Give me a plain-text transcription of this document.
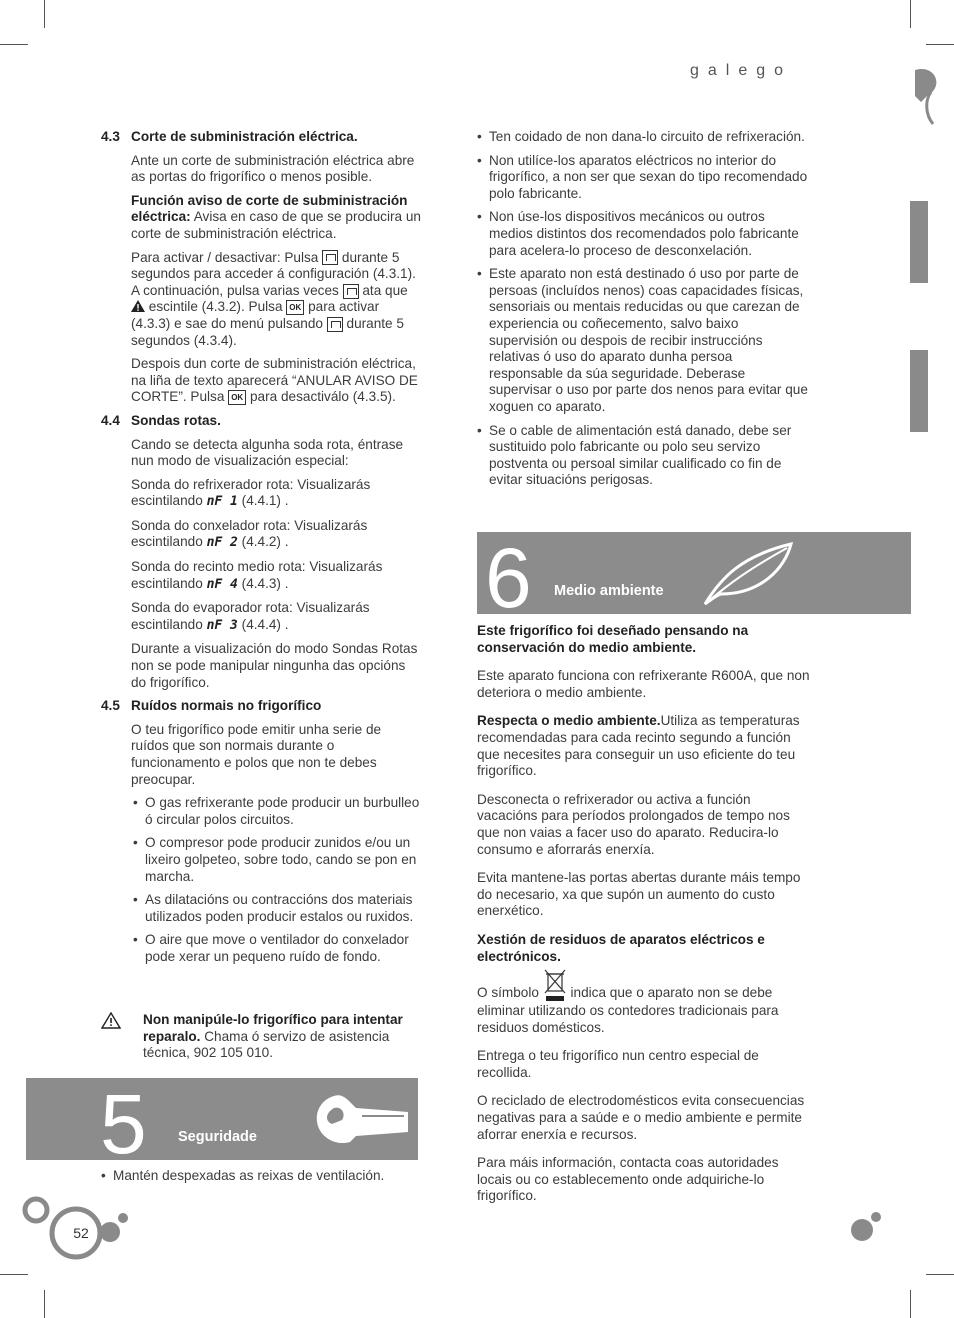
galego

4.3 Corte de subministración eléctrica.

Ante un corte de subministración eléctrica abre as portas do frigorífico o menos posible.

Función aviso de corte de subministración eléctrica: Avisa en caso de que se producira un corte de subministración eléctrica.

Para activar / desactivar: Pulsa  durante 5 segundos para acceder á configuración (4.3.1). A continuación, pulsa varias veces  ata que  escintile (4.3.2). Pulsa OK para activar (4.3.3) e sae do menú pulsando  durante 5 segundos (4.3.4).

Despois dun corte de subministración eléctrica, na liña de texto aparecerá “ANULAR AVISO DE CORTE”. Pulsa OK para desactiválo (4.3.5).

4.4 Sondas rotas.

Cando se detecta algunha soda rota, éntrase nun modo de visualización especial:

Sonda do refrixerador rota: Visualizarás escintilando nF 1 (4.4.1) .

Sonda do conxelador rota: Visualizarás escintilando nF 2 (4.4.2) .

Sonda do recinto medio rota: Visualizarás escintilando nF 4 (4.4.3) .

Sonda do evaporador rota: Visualizarás escintilando nF 3 (4.4.4) .

Durante a visualización do modo Sondas Rotas non se pode manipular ningunha das opcións do frigorífico.

4.5 Ruídos normais no frigorífico

O teu frigorífico pode emitir unha serie de ruídos que son normais durante o funcionamento e polos que non te debes preocupar.

• O gas refrixerante pode producir un burbulleo ó circular polos circuitos.

• O compresor pode producir zunidos e/ou un lixeiro golpeteo, sobre todo, cando se pon en marcha.

• As dilatacións ou contraccións dos materiais utilizados poden producir estalos ou ruxidos.

• O aire que move o ventilador do conxelador pode xerar un pequeno ruído de fondo.

Non manipúle-lo frigorífico para intentar reparalo. Chama ó servizo de asistencia técnica, 902 105 010.
5 Seguridade

• Mantén despexadas as reixas de ventilación.

52

• Ten coidado de non dana-lo circuito de refrixeración.

• Non utilíce-los aparatos eléctricos no interior do frigorífico, a non ser que sexan do tipo recomendado polo fabricante.

• Non úse-los dispositivos mecánicos ou outros medios distintos dos recomendados polo fabricante para acelera-lo proceso de desconxelación.

• Este aparato non está destinado ó uso por parte de persoas (incluídos nenos) coas capacidades físicas, sensoriais ou mentais reducidas ou que carezan de experiencia ou coñecemento, salvo baixo supervisión ou despois de recibir instruccións relativas ó uso do aparato dunha persoa responsable da súa seguridade. Deberase supervisar o uso por parte dos nenos para evitar que xoguen co aparato.

• Se o cable de alimentación está danado, debe ser sustituido polo fabricante ou polo seu servizo postventa ou persoal similar cualificado co fin de evitar situacións perigosas.

6 Medio ambiente

Este frigorífico foi deseñado pensando na conservación do medio ambiente.

Este aparato funciona con refrixerante R600A, que non deteriora o medio ambiente.

Respecta o medio ambiente.Utiliza as temperaturas recomendadas para cada recinto segundo a función que necesites para conseguir un uso eficiente do teu frigorífico.

Desconecta o refrixerador ou activa a función vacacións para períodos prolongados de tempo nos que non vaias a facer uso do aparato. Reducira-lo consumo e aforrarás enerxía.

Evita mantene-las portas abertas durante máis tempo do necesario, xa que supón un aumento do custo enerxético.

Xestión de residuos de aparatos eléctricos e electrónicos.

O símbolo  indica que o aparato non se debe eliminar utilizando os contedores tradicionais para residuos domésticos.

Entrega o teu frigorífico nun centro especial de recollida.

O reciclado de electrodomésticos evita consecuencias negativas para a saúde e o medio ambiente e permite aforrar enerxía e recursos.

Para máis información, contacta coas autoridades locais ou co establecemento onde adquiriche-lo frigorífico.
